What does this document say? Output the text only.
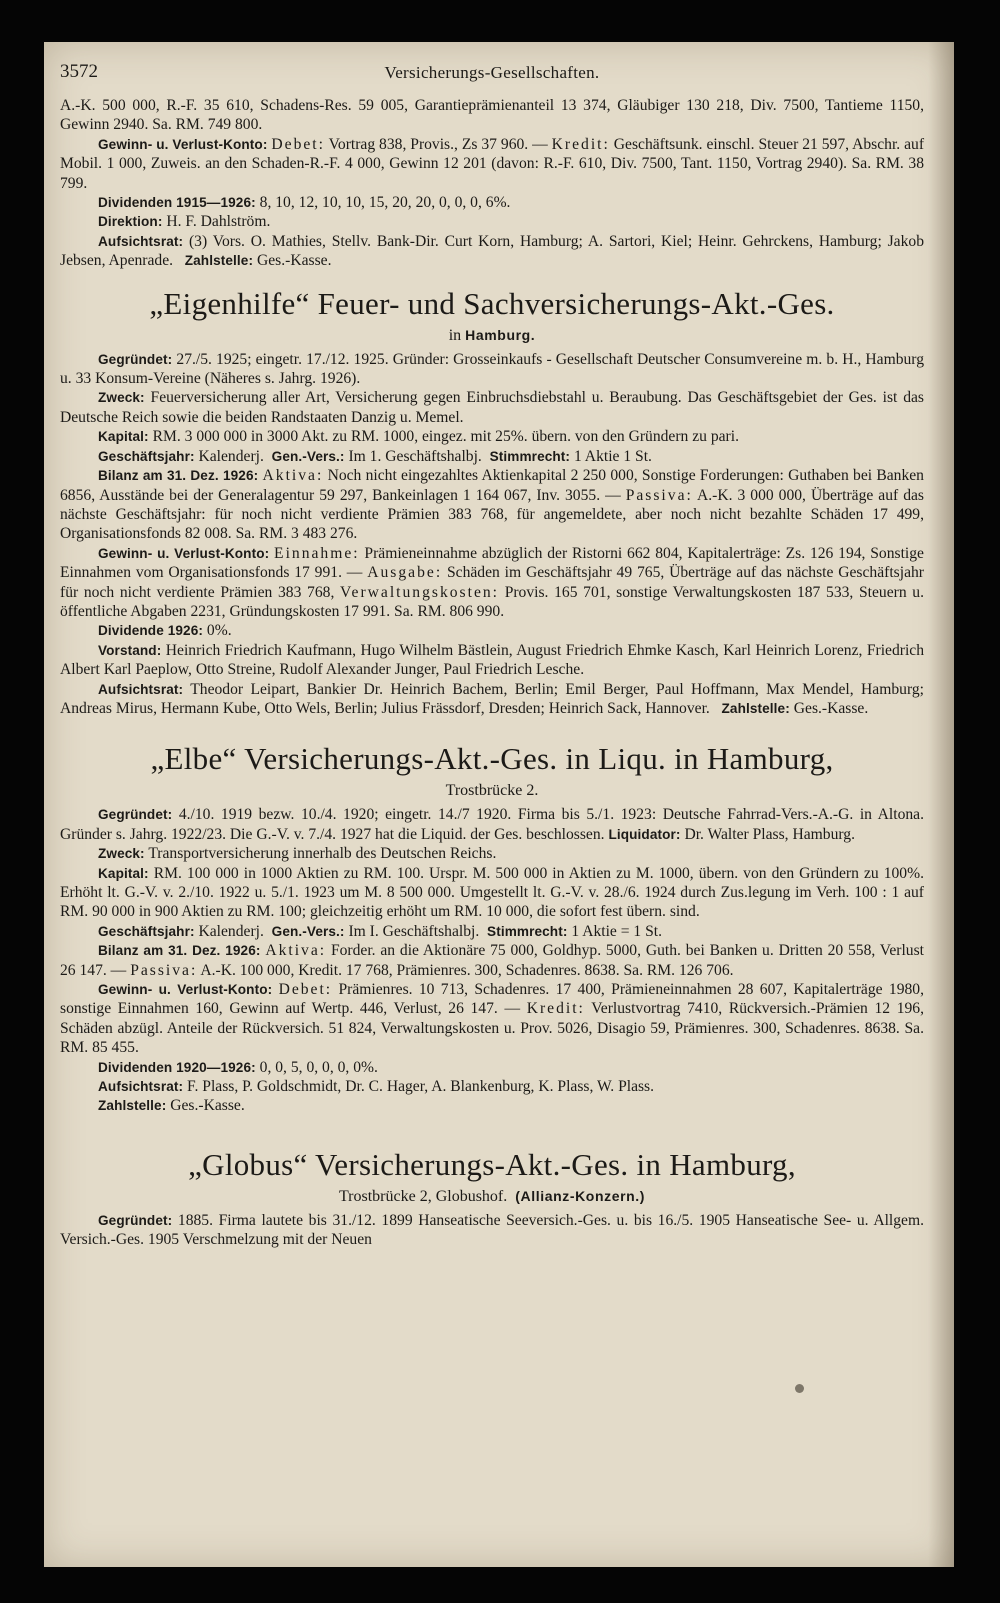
3572	Versicherungs-Gesellschaften.

A.-K. 500 000, R.-F. 35 610, Schadens-Res. 59 005, Garantieprämienanteil 13 374, Gläubiger 130 218, Div. 7500, Tantieme 1150, Gewinn 2940. Sa. RM. 749 800.

Gewinn- u. Verlust-Konto: Debet: Vortrag 838, Provis., Zs 37 960. — Kredit: Geschäftsunk. einschl. Steuer 21 597, Abschr. auf Mobil. 1 000, Zuweis. an den Schaden-R.-F. 4 000, Gewinn 12 201 (davon: R.-F. 610, Div. 7500, Tant. 1150, Vortrag 2940). Sa. RM. 38 799.

Dividenden 1915—1926: 8, 10, 12, 10, 10, 15, 20, 20, 0, 0, 0, 6%.

Direktion: H. F. Dahlström.

Aufsichtsrat: (3) Vors. O. Mathies, Stellv. Bank-Dir. Curt Korn, Hamburg; A. Sartori, Kiel; Heinr. Gehrckens, Hamburg; Jakob Jebsen, Apenrade. Zahlstelle: Ges.-Kasse.

„Eigenhilfe“ Feuer- und Sachversicherungs-Akt.-Ges.
in Hamburg.

Gegründet: 27./5. 1925; eingetr. 17./12. 1925. Gründer: Grosseinkaufs - Gesellschaft Deutscher Consumvereine m. b. H., Hamburg u. 33 Konsum-Vereine (Näheres s. Jahrg. 1926).

Zweck: Feuerversicherung aller Art, Versicherung gegen Einbruchsdiebstahl u. Beraubung. Das Geschäftsgebiet der Ges. ist das Deutsche Reich sowie die beiden Randstaaten Danzig u. Memel.

Kapital: RM. 3 000 000 in 3000 Akt. zu RM. 1000, eingez. mit 25%. übern. von den Gründern zu pari.

Geschäftsjahr: Kalenderj. Gen.-Vers.: Im 1. Geschäftshalbj. Stimmrecht: 1 Aktie 1 St.

Bilanz am 31. Dez. 1926: Aktiva: Noch nicht eingezahltes Aktienkapital 2 250 000, Sonstige Forderungen: Guthaben bei Banken 6856, Ausstände bei der Generalagentur 59 297, Bankeinlagen 1 164 067, Inv. 3055. — Passiva: A.-K. 3 000 000, Überträge auf das nächste Geschäftsjahr: für noch nicht verdiente Prämien 383 768, für angemeldete, aber noch nicht bezahlte Schäden 17 499, Organisationsfonds 82 008. Sa. RM. 3 483 276.

Gewinn- u. Verlust-Konto: Einnahme: Prämieneinnahme abzüglich der Ristorni 662 804, Kapitalerträge: Zs. 126 194, Sonstige Einnahmen vom Organisationsfonds 17 991. — Ausgabe: Schäden im Geschäftsjahr 49 765, Überträge auf das nächste Geschäftsjahr für noch nicht verdiente Prämien 383 768, Verwaltungskosten: Provis. 165 701, sonstige Verwaltungskosten 187 533, Steuern u. öffentliche Abgaben 2231, Gründungskosten 17 991. Sa. RM. 806 990.

Dividende 1926: 0%.

Vorstand: Heinrich Friedrich Kaufmann, Hugo Wilhelm Bästlein, August Friedrich Ehmke Kasch, Karl Heinrich Lorenz, Friedrich Albert Karl Paeplow, Otto Streine, Rudolf Alexander Junger, Paul Friedrich Lesche.

Aufsichtsrat: Theodor Leipart, Bankier Dr. Heinrich Bachem, Berlin; Emil Berger, Paul Hoffmann, Max Mendel, Hamburg; Andreas Mirus, Hermann Kube, Otto Wels, Berlin; Julius Frässdorf, Dresden; Heinrich Sack, Hannover. Zahlstelle: Ges.-Kasse.

„Elbe“ Versicherungs-Akt.-Ges. in Liqu. in Hamburg,
Trostbrücke 2.

Gegründet: 4./10. 1919 bezw. 10./4. 1920; eingetr. 14./7 1920. Firma bis 5./1. 1923: Deutsche Fahrrad-Vers.-A.-G. in Altona. Gründer s. Jahrg. 1922/23. Die G.-V. v. 7./4. 1927 hat die Liquid. der Ges. beschlossen. Liquidator: Dr. Walter Plass, Hamburg.

Zweck: Transportversicherung innerhalb des Deutschen Reichs.

Kapital: RM. 100 000 in 1000 Aktien zu RM. 100. Urspr. M. 500 000 in Aktien zu M. 1000, übern. von den Gründern zu 100%. Erhöht lt. G.-V. v. 2./10. 1922 u. 5./1. 1923 um M. 8 500 000. Umgestellt lt. G.-V. v. 28./6. 1924 durch Zus.legung im Verh. 100 : 1 auf RM. 90 000 in 900 Aktien zu RM. 100; gleichzeitig erhöht um RM. 10 000, die sofort fest übern. sind.

Geschäftsjahr: Kalenderj. Gen.-Vers.: Im I. Geschäftshalbj. Stimmrecht: 1 Aktie = 1 St.

Bilanz am 31. Dez. 1926: Aktiva: Forder. an die Aktionäre 75 000, Goldhyp. 5000, Guth. bei Banken u. Dritten 20 558, Verlust 26 147. — Passiva: A.-K. 100 000, Kredit. 17 768, Prämienres. 300, Schadenres. 8638. Sa. RM. 126 706.

Gewinn- u. Verlust-Konto: Debet: Prämienres. 10 713, Schadenres. 17 400, Prämieneinnahmen 28 607, Kapitalerträge 1980, sonstige Einnahmen 160, Gewinn auf Wertp. 446, Verlust, 26 147. — Kredit: Verlustvortrag 7410, Rückversich.-Prämien 12 196, Schäden abzügl. Anteile der Rückversich. 51 824, Verwaltungskosten u. Prov. 5026, Disagio 59, Prämienres. 300, Schadenres. 8638. Sa. RM. 85 455.

Dividenden 1920—1926: 0, 0, 5, 0, 0, 0, 0%.

Aufsichtsrat: F. Plass, P. Goldschmidt, Dr. C. Hager, A. Blankenburg, K. Plass, W. Plass.

Zahlstelle: Ges.-Kasse.

„Globus“ Versicherungs-Akt.-Ges. in Hamburg,
Trostbrücke 2, Globushof. (Allianz-Konzern.)

Gegründet: 1885. Firma lautete bis 31./12. 1899 Hanseatische Seeversich.-Ges. u. bis 16./5. 1905 Hanseatische See- u. Allgem. Versich.-Ges. 1905 Verschmelzung mit der Neuen
